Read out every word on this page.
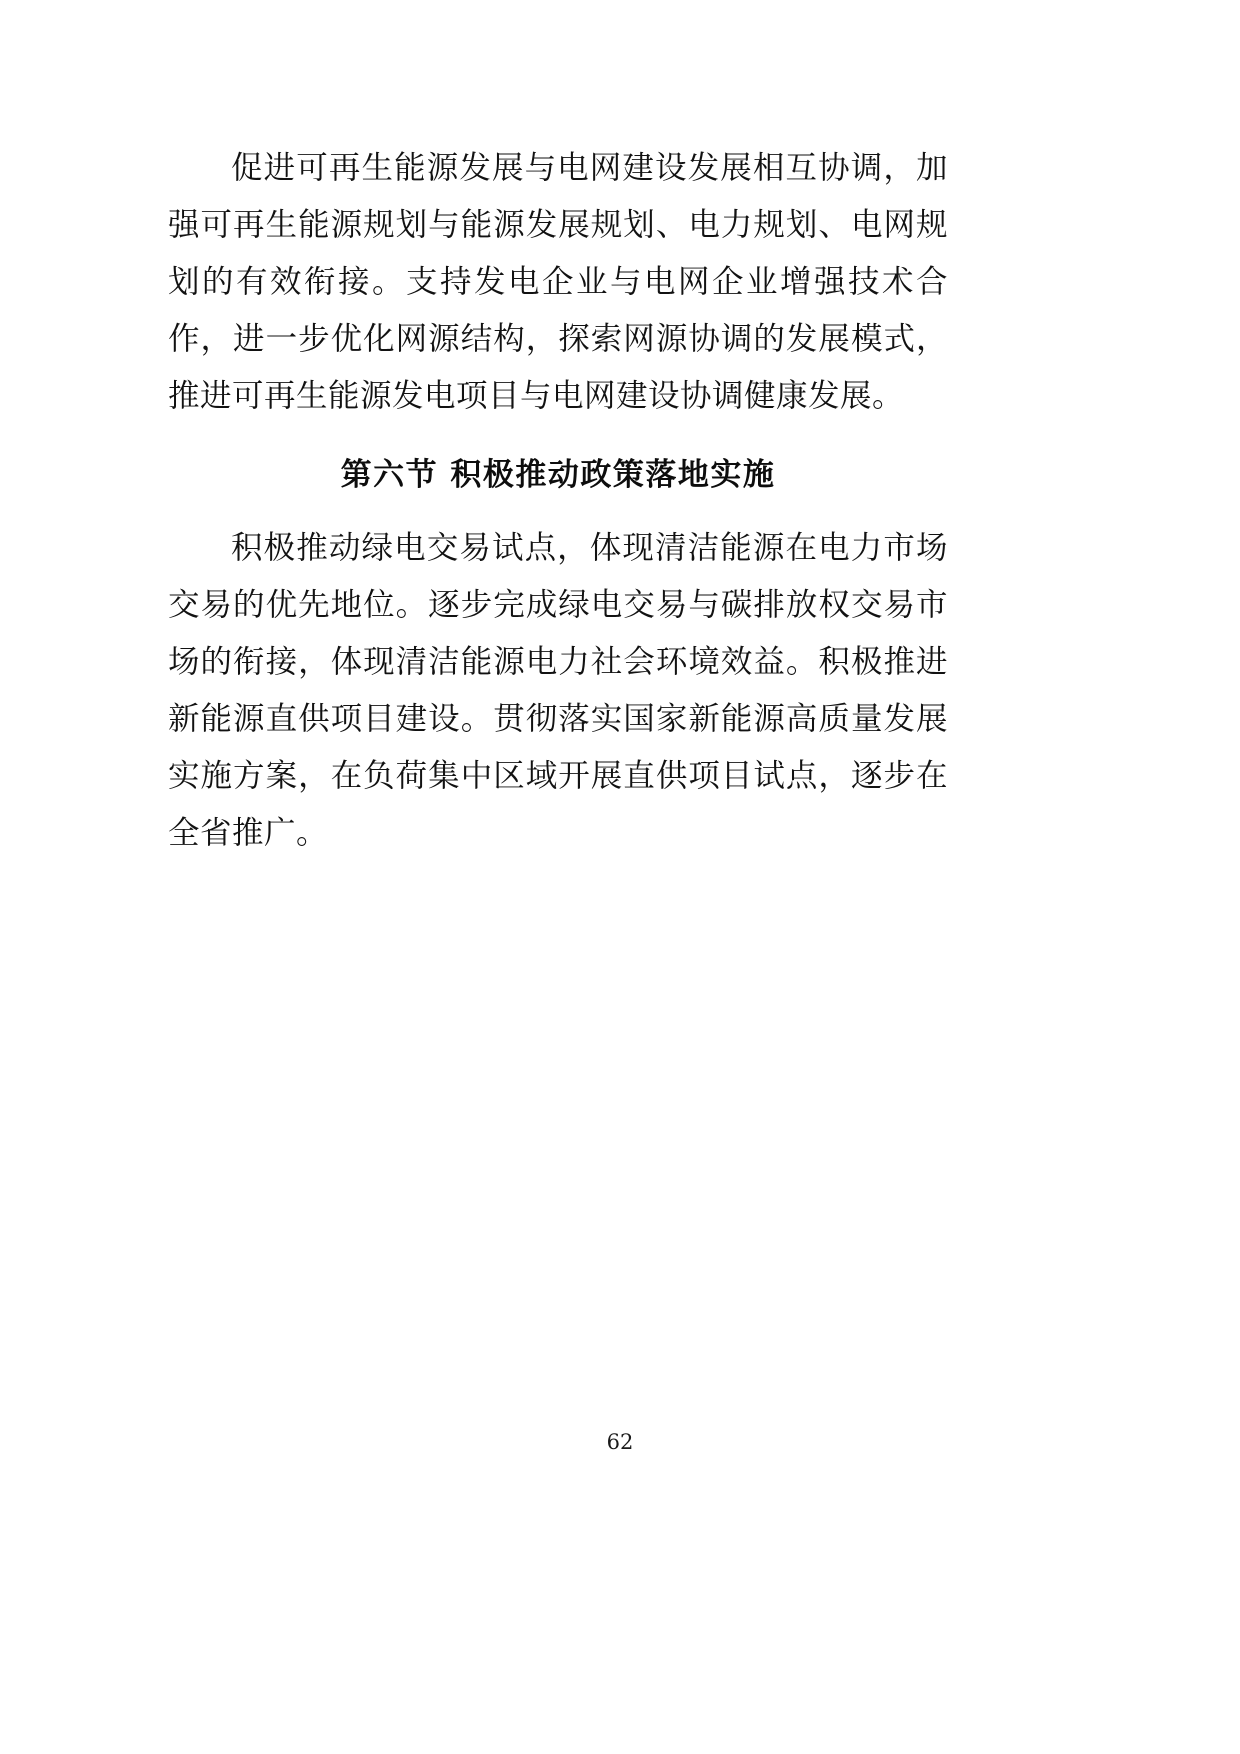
促进可再生能源发展与电网建设发展相互协调，加强可再生能源规划与能源发展规划、电力规划、电网规划的有效衔接。支持发电企业与电网企业增强技术合作，进一步优化网源结构，探索网源协调的发展模式，推进可再生能源发电项目与电网建设协调健康发展。

第六节 积极推动政策落地实施

积极推动绿电交易试点，体现清洁能源在电力市场交易的优先地位。逐步完成绿电交易与碳排放权交易市场的衔接，体现清洁能源电力社会环境效益。积极推进新能源直供项目建设。贯彻落实国家新能源高质量发展实施方案，在负荷集中区域开展直供项目试点，逐步在全省推广。

62
